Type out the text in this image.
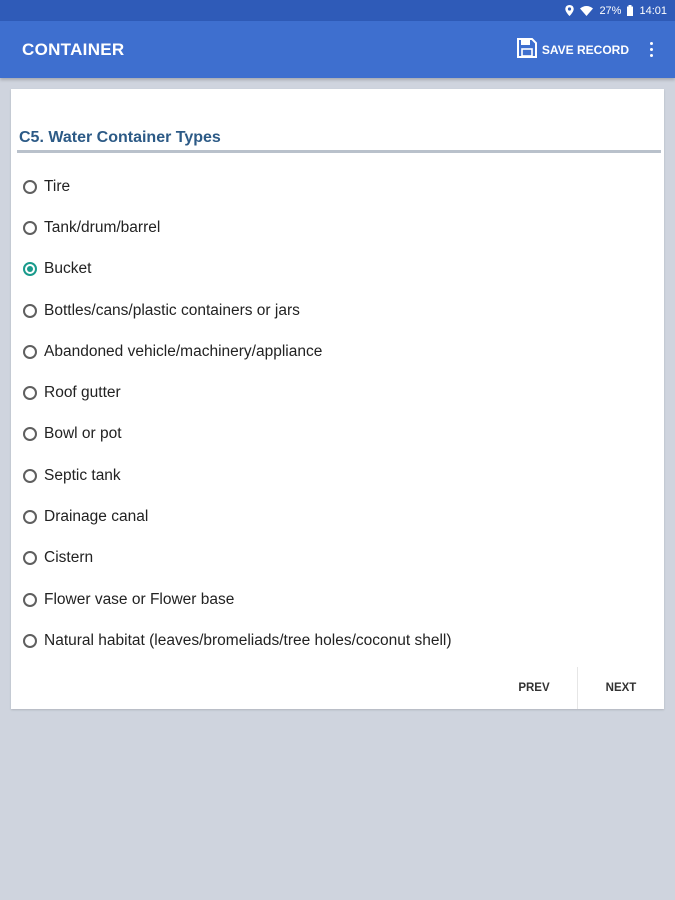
27% 14:01
CONTAINER	SAVE RECORD
C5. Water Container Types
Tire
Tank/drum/barrel
Bucket
Bottles/cans/plastic containers or jars
Abandoned vehicle/machinery/appliance
Roof gutter
Bowl or pot
Septic tank
Drainage canal
Cistern
Flower vase or Flower base
Natural habitat (leaves/bromeliads/tree holes/coconut shell)
PREV	NEXT
